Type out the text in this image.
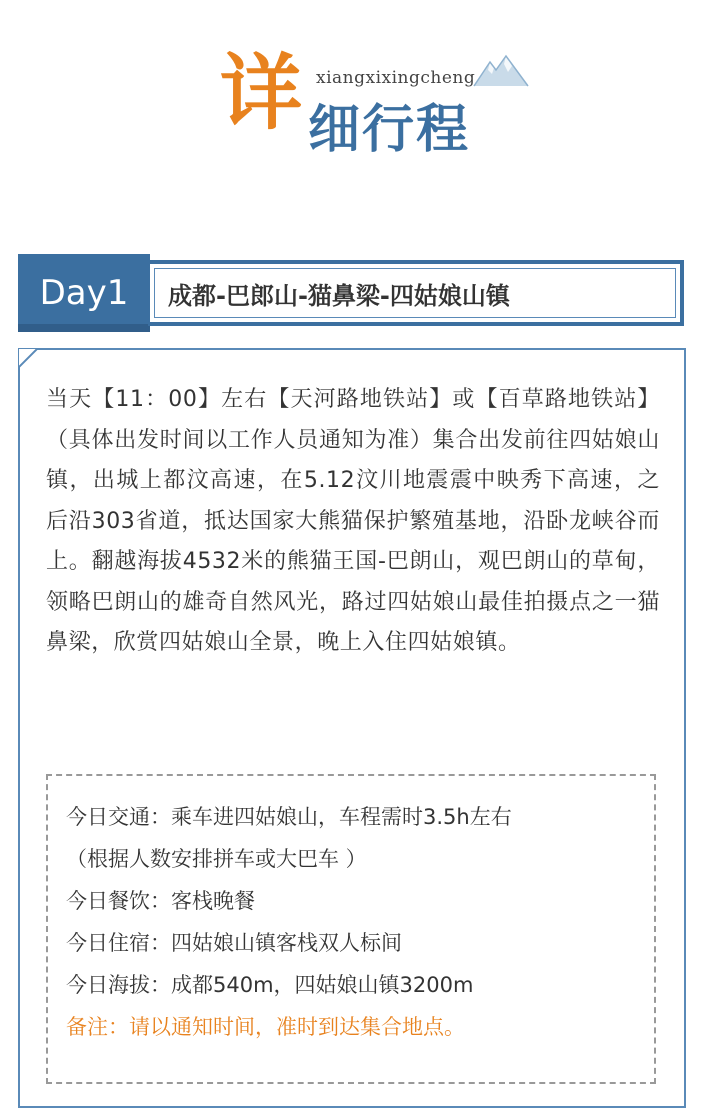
详 xiangxixingcheng
细行程
Day1	成都-巴郎山-猫鼻梁-四姑娘山镇
当天【11：00】左右【天河路地铁站】或【百草路地铁站】（具体出发时间以工作人员通知为准）集合出发前往四姑娘山镇，出城上都汶高速，在5.12汶川地震震中映秀下高速，之后沿303省道，抵达国家大熊猫保护繁殖基地，沿卧龙峡谷而上。翻越海拔4532米的熊猫王国-巴朗山，观巴朗山的草甸，领略巴朗山的雄奇自然风光，路过四姑娘山最佳拍摄点之一猫鼻梁，欣赏四姑娘山全景，晚上入住四姑娘镇。
今日交通：乘车进四姑娘山，车程需时3.5h左右
（根据人数安排拼车或大巴车 ）
今日餐饮：客栈晚餐
今日住宿：四姑娘山镇客栈双人标间
今日海拔：成都540m，四姑娘山镇3200m
备注：请以通知时间，准时到达集合地点。
